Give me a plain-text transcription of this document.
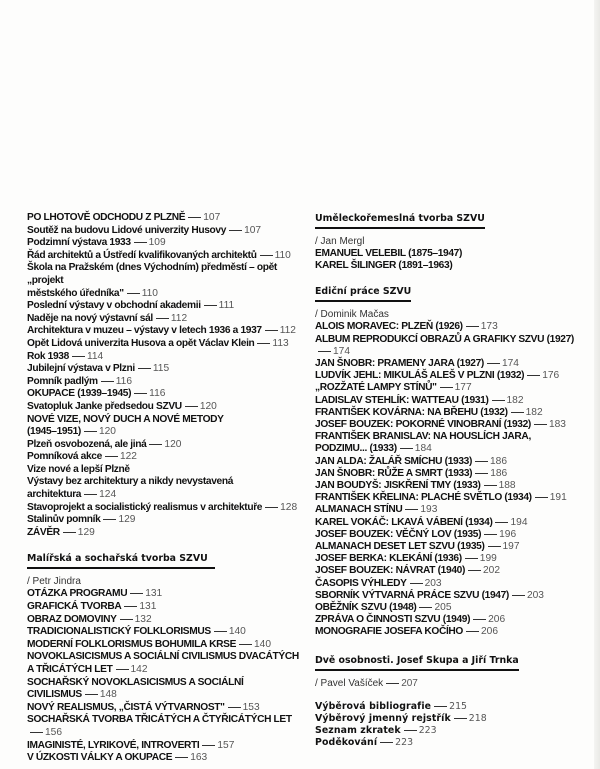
PO LHOTOVĚ ODCHODU Z PLZNĚ 107
Soutěž na budovu Lidové univerzity Husovy 107
Podzimní výstava 1933 109
Řád architektů a Ústředí kvalifikovaných architektů 110
Škola na Pražském (dnes Východním) předměstí – opět „projekt
městského úředníka" 110
Poslední výstavy v obchodní akademii 111
Naděje na nový výstavní sál 112
Architektura v muzeu – výstavy v letech 1936 a 1937 112
Opět Lidová univerzita Husova a opět Václav Klein 113
Rok 1938 114
Jubilejní výstava v Plzni 115
Pomník padlým 116
OKUPACE (1939–1945) 116
Svatopluk Janke předsedou SZVU 120
NOVÉ VIZE, NOVÝ DUCH A NOVÉ METODY
(1945–1951) 120
Plzeň osvobozená, ale jiná 120
Pomníková akce 122
Vize nové a lepší Plzně
Výstavy bez architektury a nikdy nevystavená
architektura 124
Stavoprojekt a socialistický realismus v architektuře 128
Stalinův pomník 129
ZÁVĚR 129
Malířská a sochařská tvorba SZVU
/ Petr Jindra
OTÁZKA PROGRAMU 131
GRAFICKÁ TVORBA 131
OBRAZ DOMOVINY 132
TRADICIONALISTICKÝ FOLKLORISMUS 140
MODERNÍ FOLKLORISMUS BOHUMILA KRSE 140
NOVOKLASICISMUS A SOCIÁLNÍ CIVILISMUS DVACÁTÝCH
A TŘICÁTÝCH LET 142
SOCHAŘSKÝ NOVOKLASICISMUS A SOCIÁLNÍ
CIVILISMUS 148
NOVÝ REALISMUS, „ČISTÁ VÝTVARNOST" 153
SOCHAŘSKÁ TVORBA TŘICÁTÝCH A ČTYŘICÁTÝCH LET156
IMAGINISTÉ, LYRIKOVÉ, INTROVERTI 157
V ÚZKOSTI VÁLKY A OKUPACE 163
Uměleckořemeslná tvorba SZVU
/ Jan Mergl
EMANUEL VELEBIL (1875–1947)
KAREL ŠILINGER (1891–1963)
Ediční práce SZVU
/ Dominik Mačas
ALOIS MORAVEC: PLZEŇ (1926) 173
ALBUM REPRODUKCÍ OBRAZŮ A GRAFIKY SZVU (1927)174
JAN ŠNOBR: PRAMENY JARA (1927) 174
LUDVÍK JEHL: MIKULÁŠ ALEŠ V PLZNI (1932) 176
„ROZŽATÉ LAMPY STÍNŮ" 177
LADISLAV STEHLÍK: WATTEAU (1931) 182
FRANTIŠEK KOVÁRNA: NA BŘEHU (1932) 182
JOSEF BOUZEK: POKORNÉ VINOBRANÍ (1932) 183
FRANTIŠEK BRANISLAV: NA HOUSLÍCH JARA,
PODZIMU... (1933) 184
JAN ALDA: ŽALÁŘ SMÍCHU (1933) 186
JAN ŠNOBR: RŮŽE A SMRT (1933) 186
JAN BOUDYŠ: JISKŘENÍ TMY (1933) 188
FRANTIŠEK KŘELINA: PLACHÉ SVĚTLO (1934) 191
ALMANACH STÍNU 193
KAREL VOKÁČ: LKAVÁ VÁBENÍ (1934) 194
JOSEF BOUZEK: VĚČNÝ LOV (1935) 196
ALMANACH DESET LET SZVU (1935) 197
JOSEF BERKA: KLEKÁNÍ (1936) 199
JOSEF BOUZEK: NÁVRAT (1940) 202
ČASOPIS VÝHLEDY 203
SBORNÍK VÝTVARNÁ PRÁCE SZVU (1947) 203
OBĚŽNÍK SZVU (1948) 205
ZPRÁVA O ČINNOSTI SZVU (1949) 206
MONOGRAFIE JOSEFA KOČÍHO 206
Dvě osobnosti. Josef Skupa a Jiří Trnka
/ Pavel Vašíček 207
Výběrová bibliografie 215
Výběrový jmenný rejstřík 218
Seznam zkratek 223
Poděkování 223
